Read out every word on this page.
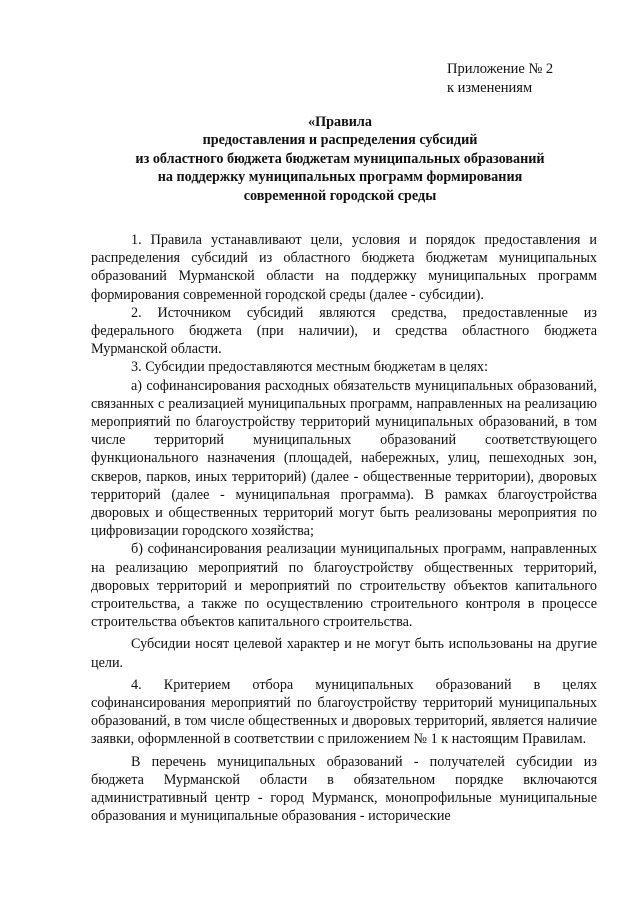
Приложение № 2
к изменениям
«Правила
предоставления и распределения субсидий
из областного бюджета бюджетам муниципальных образований
на поддержку муниципальных программ формирования
современной городской среды

1. Правила устанавливают цели, условия и порядок предоставления и распределения субсидий из областного бюджета бюджетам муниципальных образований Мурманской области на поддержку муниципальных программ формирования современной городской среды (далее - субсидии).

2. Источником субсидий являются средства, предоставленные из федерального бюджета (при наличии), и средства областного бюджета Мурманской области.

3. Субсидии предоставляются местным бюджетам в целях:

а) софинансирования расходных обязательств муниципальных образований, связанных с реализацией муниципальных программ, направленных на реализацию мероприятий по благоустройству территорий муниципальных образований, в том числе территорий муниципальных образований соответствующего функционального назначения (площадей, набережных, улиц, пешеходных зон, скверов, парков, иных территорий) (далее - общественные территории), дворовых территорий (далее - муниципальная программа). В рамках благоустройства дворовых и общественных территорий могут быть реализованы мероприятия по цифровизации городского хозяйства;

б) софинансирования реализации муниципальных программ, направленных на реализацию мероприятий по благоустройству общественных территорий, дворовых территорий и мероприятий по строительству объектов капитального строительства, а также по осуществлению строительного контроля в процессе строительства объектов капитального строительства.

Субсидии носят целевой характер и не могут быть использованы на другие цели.

4. Критерием отбора муниципальных образований в целях софинансирования мероприятий по благоустройству территорий муниципальных образований, в том числе общественных и дворовых территорий, является наличие заявки, оформленной в соответствии с приложением № 1 к настоящим Правилам.

В перечень муниципальных образований - получателей субсидии из бюджета Мурманской области в обязательном порядке включаются административный центр - город Мурманск, монопрофильные муниципальные образования и муниципальные образования - исторические
